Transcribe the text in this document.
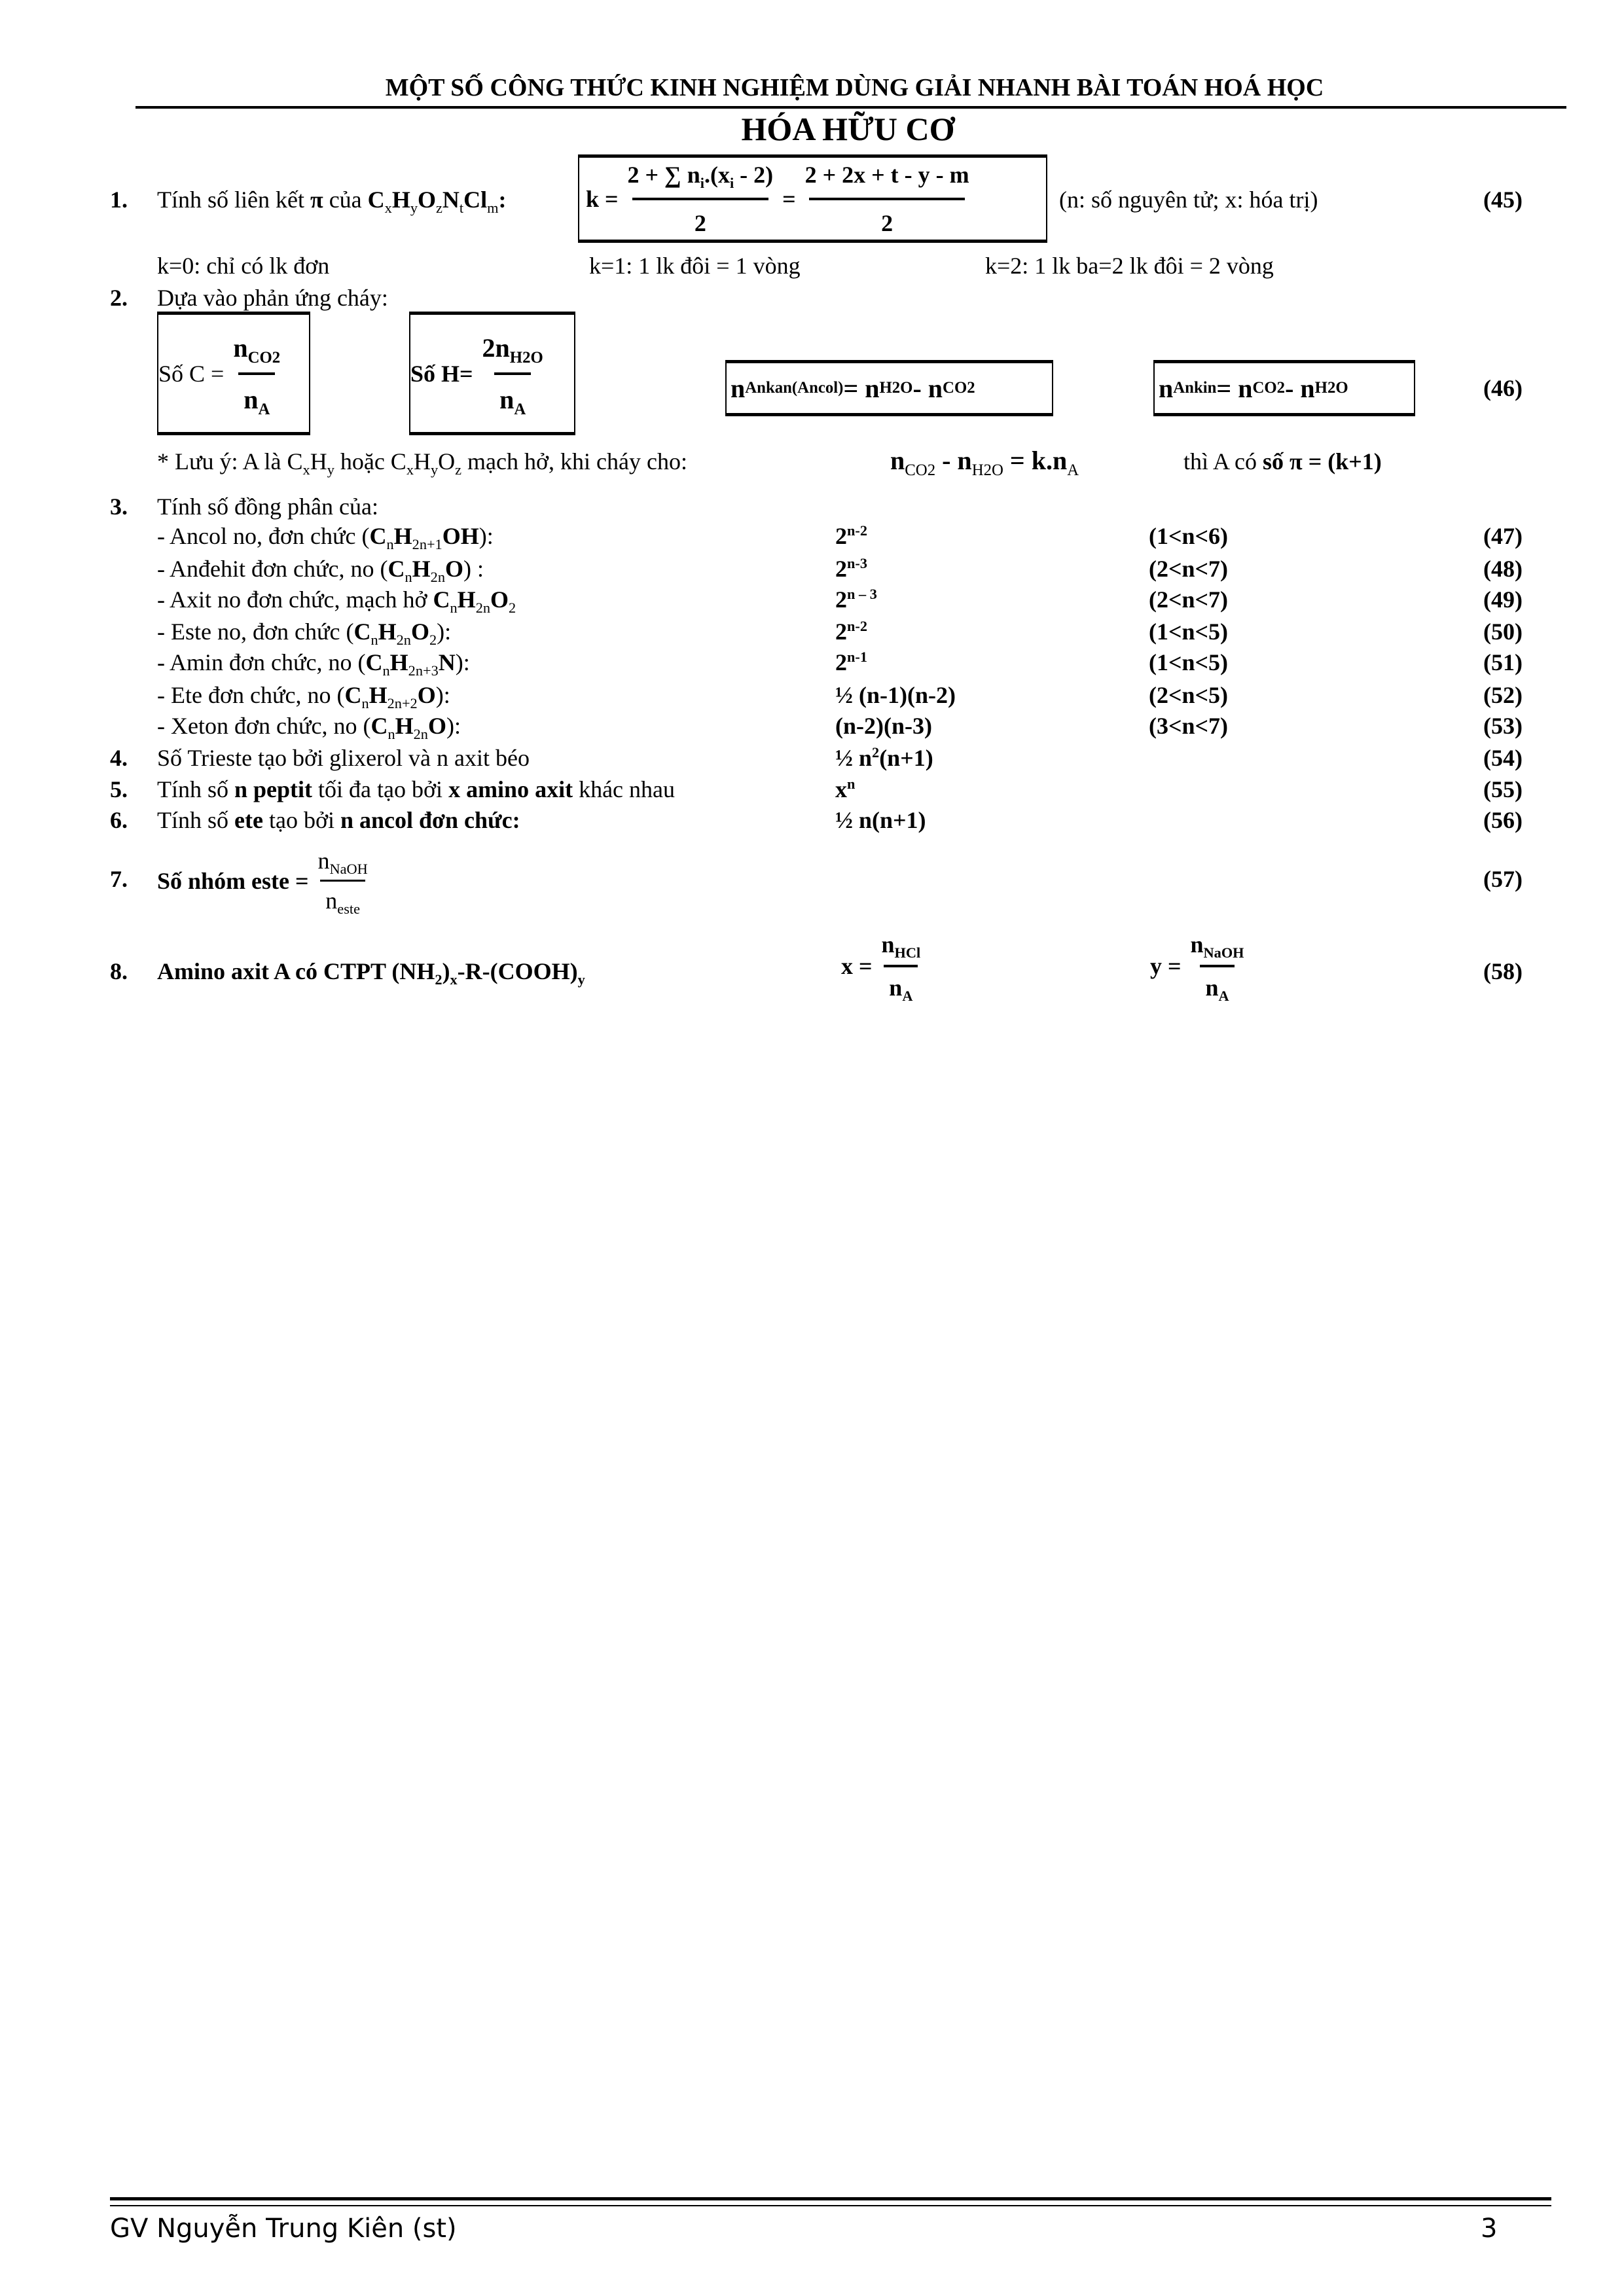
MỘT SỐ CÔNG THỨC KINH NGHIỆM DÙNG GIẢI NHANH BÀI TOÁN HOÁ HỌC
HÓA HỮU CƠ
1. Tính số liên kết π của $C_xH_yO_zN_tCl_m$:	$k = \frac{2 + \sum n_i.(x_i - 2)}{2} = \frac{2 + 2x + t - y - m}{2}$	(n: số nguyên tử; x: hóa trị)	(45)
k=0: chỉ có lk đơn	k=1: 1 lk đôi = 1 vòng	k=2: 1 lk ba=2 lk đôi = 2 vòng
2. Dựa vào phản ứng cháy:
Số $C = \frac{n_{CO2}}{n_A}$	Số $H= \frac{2n_{H2O}}{n_A}$	n Ankan(Ancol) = n H2O - n CO2	n Ankin = n CO2 - n H2O	(46)
* Lưu ý: A là $C_xH_y$ hoặc $C_xH_yO_z$ mạch hở, khi cháy cho:	$n_{CO2} - n_{H2O} = k.n_A$	thì A có số π = (k+1)
3. Tính số đồng phân của:
- Ancol no, đơn chức $(C_nH_{2n+1}OH)$:	2$^{n-2}$	(1<n<6)	(47)
- Anđehit đơn chức, no $(C_nH_{2n}O)$ :	2$^{n-3}$	(2<n<7)	(48)
- Axit no đơn chức, mạch hở $C_nH_{2n}O_2$	2$^{n - 3}$	(2<n<7)	(49)
- Este no, đơn chức $(C_nH_{2n}O_2)$:	2$^{n-2}$	(1<n<5)	(50)
- Amin đơn chức, no $(C_nH_{2n+3}N)$:	2$^{n-1}$	(1<n<5)	(51)
- Ete đơn chức, no $(C_nH_{2n+2}O)$:	½ (n-1)(n-2)	(2<n<5)	(52)
- Xeton đơn chức, no $(C_nH_{2n}O)$:	(n-2)(n-3)	(3<n<7)	(53)
4. Số Trieste tạo bởi glixerol và n axit béo	½ $n^2(n+1)$	(54)
5. Tính số n peptit tối đa tạo bởi x amino axit khác nhau	$x^n$	(55)
6. Tính số ete tạo bởi n ancol đơn chức:	½ n(n+1)	(56)
7. Số nhóm este = $\frac{n_{NaOH}}{n_{este}}$	(57)
8. Amino axit A có CTPT $(NH_2)_x-R-(COOH)_y$
$x = \frac{n_{HCl}}{n_A}$	$y = \frac{n_{NaOH}}{n_A}$	(58)
GV Nguyễn Trung Kiên (st)	3
